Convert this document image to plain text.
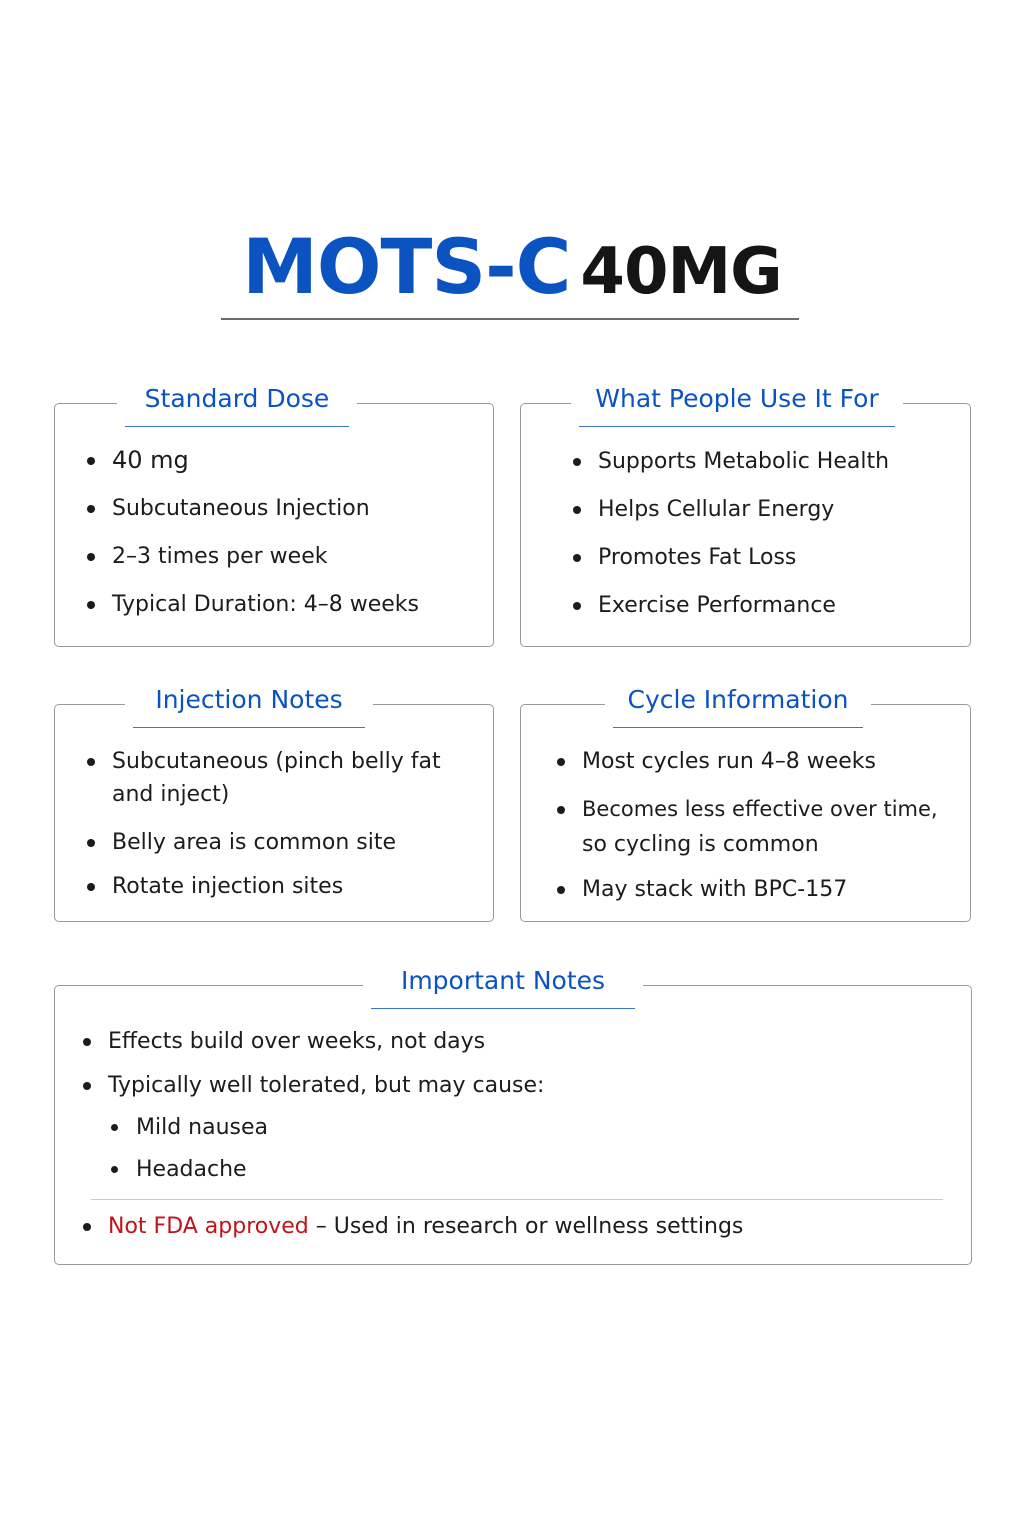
MOTS-C 40MG
Standard Dose
40 mg
Subcutaneous Injection
2–3 times per week
Typical Duration: 4–8 weeks
What People Use It For
Supports Metabolic Health
Helps Cellular Energy
Promotes Fat Loss
Exercise Performance
Injection Notes
Subcutaneous (pinch belly fat
and inject)
Belly area is common site
Rotate injection sites
Cycle Information
Most cycles run 4–8 weeks
Becomes less effective over time,
so cycling is common
May stack with BPC-157
Important Notes
Effects build over weeks, not days
Typically well tolerated, but may cause:
Mild nausea
Headache
Not FDA approved – Used in research or wellness settings
